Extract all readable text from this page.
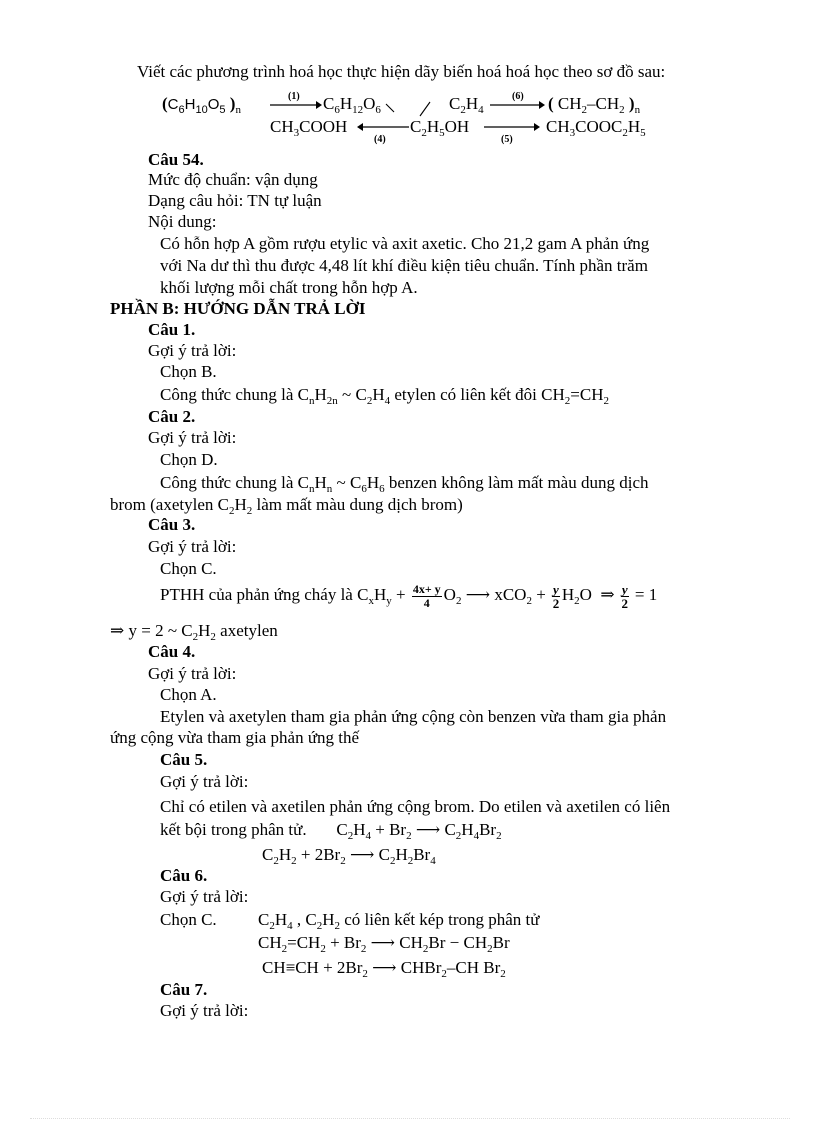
Viết các phương trình hoá học thực hiện dãy biến hoá hoá học theo sơ đồ sau:
($C_6H_{10}O_5$ )$_n$
(1) $C_6H_{12}O_6$	$C_2H_4$
(6) ( $CH_2-CH_2$ )$_n$
$CH_3COOH$
(4)
$C_2H_5OH$
(5)
$CH_3COOC_2H_5$
Câu 54.
Mức độ chuẩn: vận dụng
Dạng câu hỏi: TN tự luận
Nội dung:
Có hỗn hợp A gồm rượu etylic và axit axetic. Cho 21,2 gam A phản ứng
với Na dư thì thu được 4,48 lít khí điều kiện tiêu chuẩn. Tính phần trăm
khối lượng mỗi chất trong hỗn hợp A.
PHẦN B: HƯỚNG DẪN TRẢ LỜI
Câu 1.
Gợi ý trả lời:
Chọn B.
Công thức chung là $C_nH_{2n}$ ~ $C_2H_4$ etylen có liên kết đôi $CH_2=CH_2$
Câu 2.
Gợi ý trả lời:
Chọn D.
Công thức chung là $C_nH_n$ ~ $C_6H_6$ benzen không làm mất màu dung dịch
brom (axetylen $C_2H_2$ làm mất màu dung dịch brom)
Câu 3.
Gợi ý trả lời:
Chọn C.
PTHH của phản ứng cháy là $C_xH_y + \frac{4x+ y}{4} O_2$ ⟶ $xCO_2 + \frac{y}{2} H_2O$  ⇒ $\frac{y}{2} = 1$
⇒ y = 2 ~ $C_2H_2$ axetylen
Câu 4.
Gợi ý trả lời:
Chọn A.
Etylen và axetylen tham gia phản ứng cộng còn benzen vừa tham gia phản
ứng cộng vừa tham gia phản ứng thế
Câu 5.
Gợi ý trả lời:
Chỉ có etilen và axetilen phản ứng cộng brom. Do etilen và axetilen có liên
kết bội trong phân tử.       $C_2H_4 + Br_2$ ⟶ $C_2H_4Br_2$
$C_2H_2 + 2Br_2$ ⟶ $C_2H_2Br_4$
Câu 6.
Gợi ý trả lời:
Chọn C. $C_2H_4$ , $C_2H_2$ có liên kết kép trong phân tử
$CH_2=CH_2 + Br_2$ ⟶ $CH_2Br - CH_2Br$
$CH\equiv CH + 2Br_2$ ⟶ CHBr$_2$–CH $Br_2$
Câu 7.
Gợi ý trả lời:
